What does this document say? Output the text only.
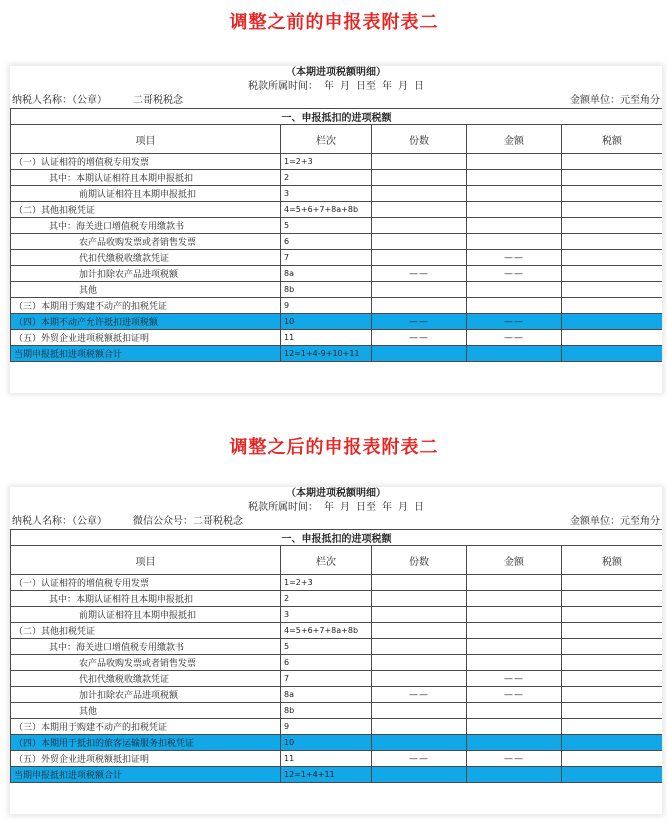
调整之前的申报表附表二
（本期进项税额明细）
税款所属时间： 年 月 日至 年 月 日
纳税人名称：（公章）	二哥税税念	金额单位：元至角分
一、申报抵扣的进项税额				
项目	栏次	份数	金额	税额
（一）认证相符的增值税专用发票	1=2+3			
其中：本期认证相符且本期申报抵扣	2			
前期认证相符且本期申报抵扣	3			
（二）其他扣税凭证	4=5+6+7+8a+8b			
其中：海关进口增值税专用缴款书	5			
农产品收购发票或者销售发票	6			
代扣代缴税收缴款凭证	7		——	
加计扣除农产品进项税额	8a	——	——	
其他	8b			
（三）本期用于购建不动产的扣税凭证	9			
（四）本期不动产允许抵扣进项税额	10	——	——	
（五）外贸企业进项税额抵扣证明	11	——	——	
当期申报抵扣进项税额合计	12=1+4-9+10+11			
调整之后的申报表附表二
（本期进项税额明细）
税款所属时间： 年 月 日至 年 月 日
纳税人名称：（公章）	微信公众号：二哥税税念	金额单位：元至角分
一、申报抵扣的进项税额				
项目	栏次	份数	金额	税额
（一）认证相符的增值税专用发票	1=2+3			
其中：本期认证相符且本期申报抵扣	2			
前期认证相符且本期申报抵扣	3			
（二）其他扣税凭证	4=5+6+7+8a+8b			
其中：海关进口增值税专用缴款书	5			
农产品收购发票或者销售发票	6			
代扣代缴税收缴款凭证	7		——	
加计扣除农产品进项税额	8a	——	——	
其他	8b			
（三）本期用于购建不动产的扣税凭证	9			
（四）本期用于抵扣的旅客运输服务扣税凭证	10			
（五）外贸企业进项税额抵扣证明	11	——	——	
当期申报抵扣进项税额合计	12=1+4+11			
